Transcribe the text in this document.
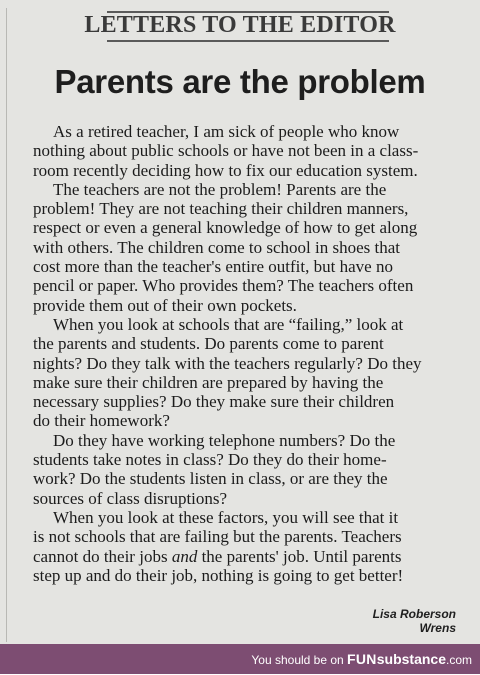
LETTERS TO THE EDITOR
Parents are the problem
As a retired teacher, I am sick of people who know
nothing about public schools or have not been in a class-
room recently deciding how to fix our education system.
The teachers are not the problem! Parents are the
problem! They are not teaching their children manners,
respect or even a general knowledge of how to get along
with others. The children come to school in shoes that
cost more than the teacher's entire outfit, but have no
pencil or paper. Who provides them? The teachers often
provide them out of their own pockets.
When you look at schools that are “failing,” look at
the parents and students. Do parents come to parent
nights? Do they talk with the teachers regularly? Do they
make sure their children are prepared by having the
necessary supplies? Do they make sure their children
do their homework?
Do they have working telephone numbers? Do the
students take notes in class? Do they do their home-
work? Do the students listen in class, or are they the
sources of class disruptions?
When you look at these factors, you will see that it
is not schools that are failing but the parents. Teachers
cannot do their jobs and the parents' job. Until parents
step up and do their job, nothing is going to get better!
Lisa Roberson
Wrens
You should be on FUNsubstance.com
